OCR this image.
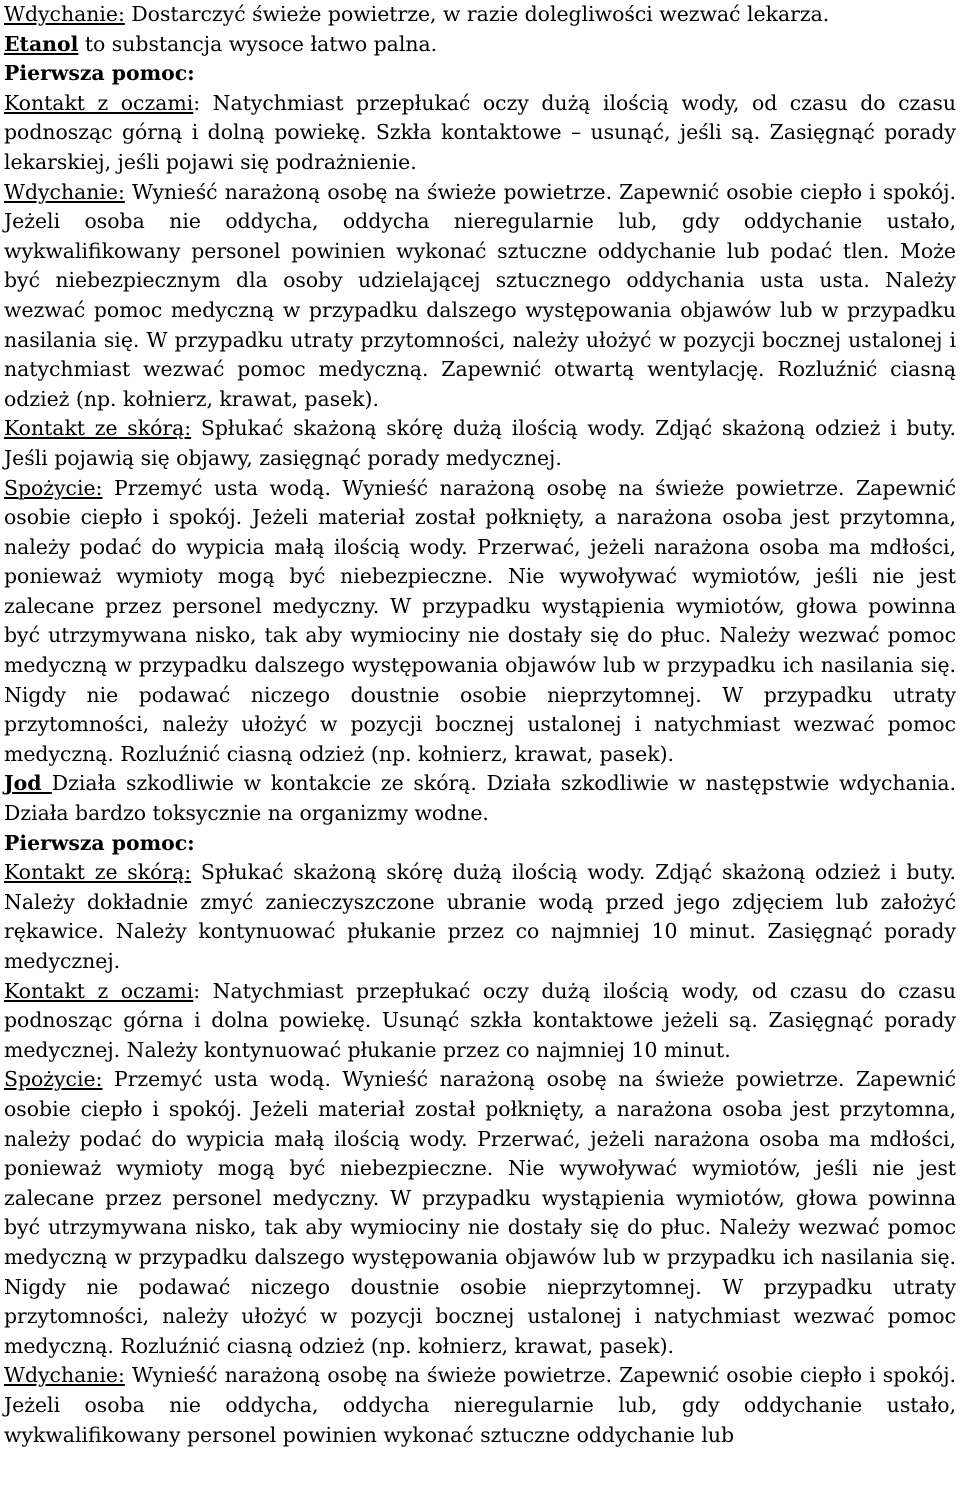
Wdychanie: Dostarczyć świeże powietrze, w razie dolegliwości wezwać lekarza.

Etanol to substancja wysoce łatwo palna.

Pierwsza pomoc:

Kontakt z oczami: Natychmiast przepłukać oczy dużą ilością wody, od czasu do czasu podnosząc górną i dolną powiekę. Szkła kontaktowe – usunąć, jeśli są. Zasięgnąć porady lekarskiej, jeśli pojawi się podrażnienie.

Wdychanie: Wynieść narażoną osobę na świeże powietrze. Zapewnić osobie ciepło i spokój. Jeżeli osoba nie oddycha, oddycha nieregularnie lub, gdy oddychanie ustało, wykwalifikowany personel powinien wykonać sztuczne oddychanie lub podać tlen. Może być niebezpiecznym dla osoby udzielającej sztucznego oddychania usta usta. Należy wezwać pomoc medyczną w przypadku dalszego występowania objawów lub w przypadku nasilania się. W przypadku utraty przytomności, należy ułożyć w pozycji bocznej ustalonej i natychmiast wezwać pomoc medyczną. Zapewnić otwartą wentylację. Rozluźnić ciasną odzież (np. kołnierz, krawat, pasek).

Kontakt ze skórą: Spłukać skażoną skórę dużą ilością wody. Zdjąć skażoną odzież i buty. Jeśli pojawią się objawy, zasięgnąć porady medycznej.

Spożycie: Przemyć usta wodą. Wynieść narażoną osobę na świeże powietrze. Zapewnić osobie ciepło i spokój. Jeżeli materiał został połknięty, a narażona osoba jest przytomna, należy podać do wypicia małą ilością wody. Przerwać, jeżeli narażona osoba ma mdłości, ponieważ wymioty mogą być niebezpieczne. Nie wywoływać wymiotów, jeśli nie jest zalecane przez personel medyczny. W przypadku wystąpienia wymiotów, głowa powinna być utrzymywana nisko, tak aby wymiociny nie dostały się do płuc. Należy wezwać pomoc medyczną w przypadku dalszego występowania objawów lub w przypadku ich nasilania się. Nigdy nie podawać niczego doustnie osobie nieprzytomnej. W przypadku utraty przytomności, należy ułożyć w pozycji bocznej ustalonej i natychmiast wezwać pomoc medyczną. Rozluźnić ciasną odzież (np. kołnierz, krawat, pasek).

Jod Działa szkodliwie w kontakcie ze skórą. Działa szkodliwie w następstwie wdychania. Działa bardzo toksycznie na organizmy wodne.

Pierwsza pomoc:

Kontakt ze skórą: Spłukać skażoną skórę dużą ilością wody. Zdjąć skażoną odzież i buty. Należy dokładnie zmyć zanieczyszczone ubranie wodą przed jego zdjęciem lub założyć rękawice. Należy kontynuować płukanie przez co najmniej 10 minut. Zasięgnąć porady medycznej.

Kontakt z oczami: Natychmiast przepłukać oczy dużą ilością wody, od czasu do czasu podnosząc górna i dolna powiekę. Usunąć szkła kontaktowe jeżeli są. Zasięgnąć porady medycznej. Należy kontynuować płukanie przez co najmniej 10 minut.

Spożycie: Przemyć usta wodą. Wynieść narażoną osobę na świeże powietrze. Zapewnić osobie ciepło i spokój. Jeżeli materiał został połknięty, a narażona osoba jest przytomna, należy podać do wypicia małą ilością wody. Przerwać, jeżeli narażona osoba ma mdłości, ponieważ wymioty mogą być niebezpieczne. Nie wywoływać wymiotów, jeśli nie jest zalecane przez personel medyczny. W przypadku wystąpienia wymiotów, głowa powinna być utrzymywana nisko, tak aby wymiociny nie dostały się do płuc. Należy wezwać pomoc medyczną w przypadku dalszego występowania objawów lub w przypadku ich nasilania się. Nigdy nie podawać niczego doustnie osobie nieprzytomnej. W przypadku utraty przytomności, należy ułożyć w pozycji bocznej ustalonej i natychmiast wezwać pomoc medyczną. Rozluźnić ciasną odzież (np. kołnierz, krawat, pasek).

Wdychanie: Wynieść narażoną osobę na świeże powietrze. Zapewnić osobie ciepło i spokój. Jeżeli osoba nie oddycha, oddycha nieregularnie lub, gdy oddychanie ustało, wykwalifikowany personel powinien wykonać sztuczne oddychanie lub
